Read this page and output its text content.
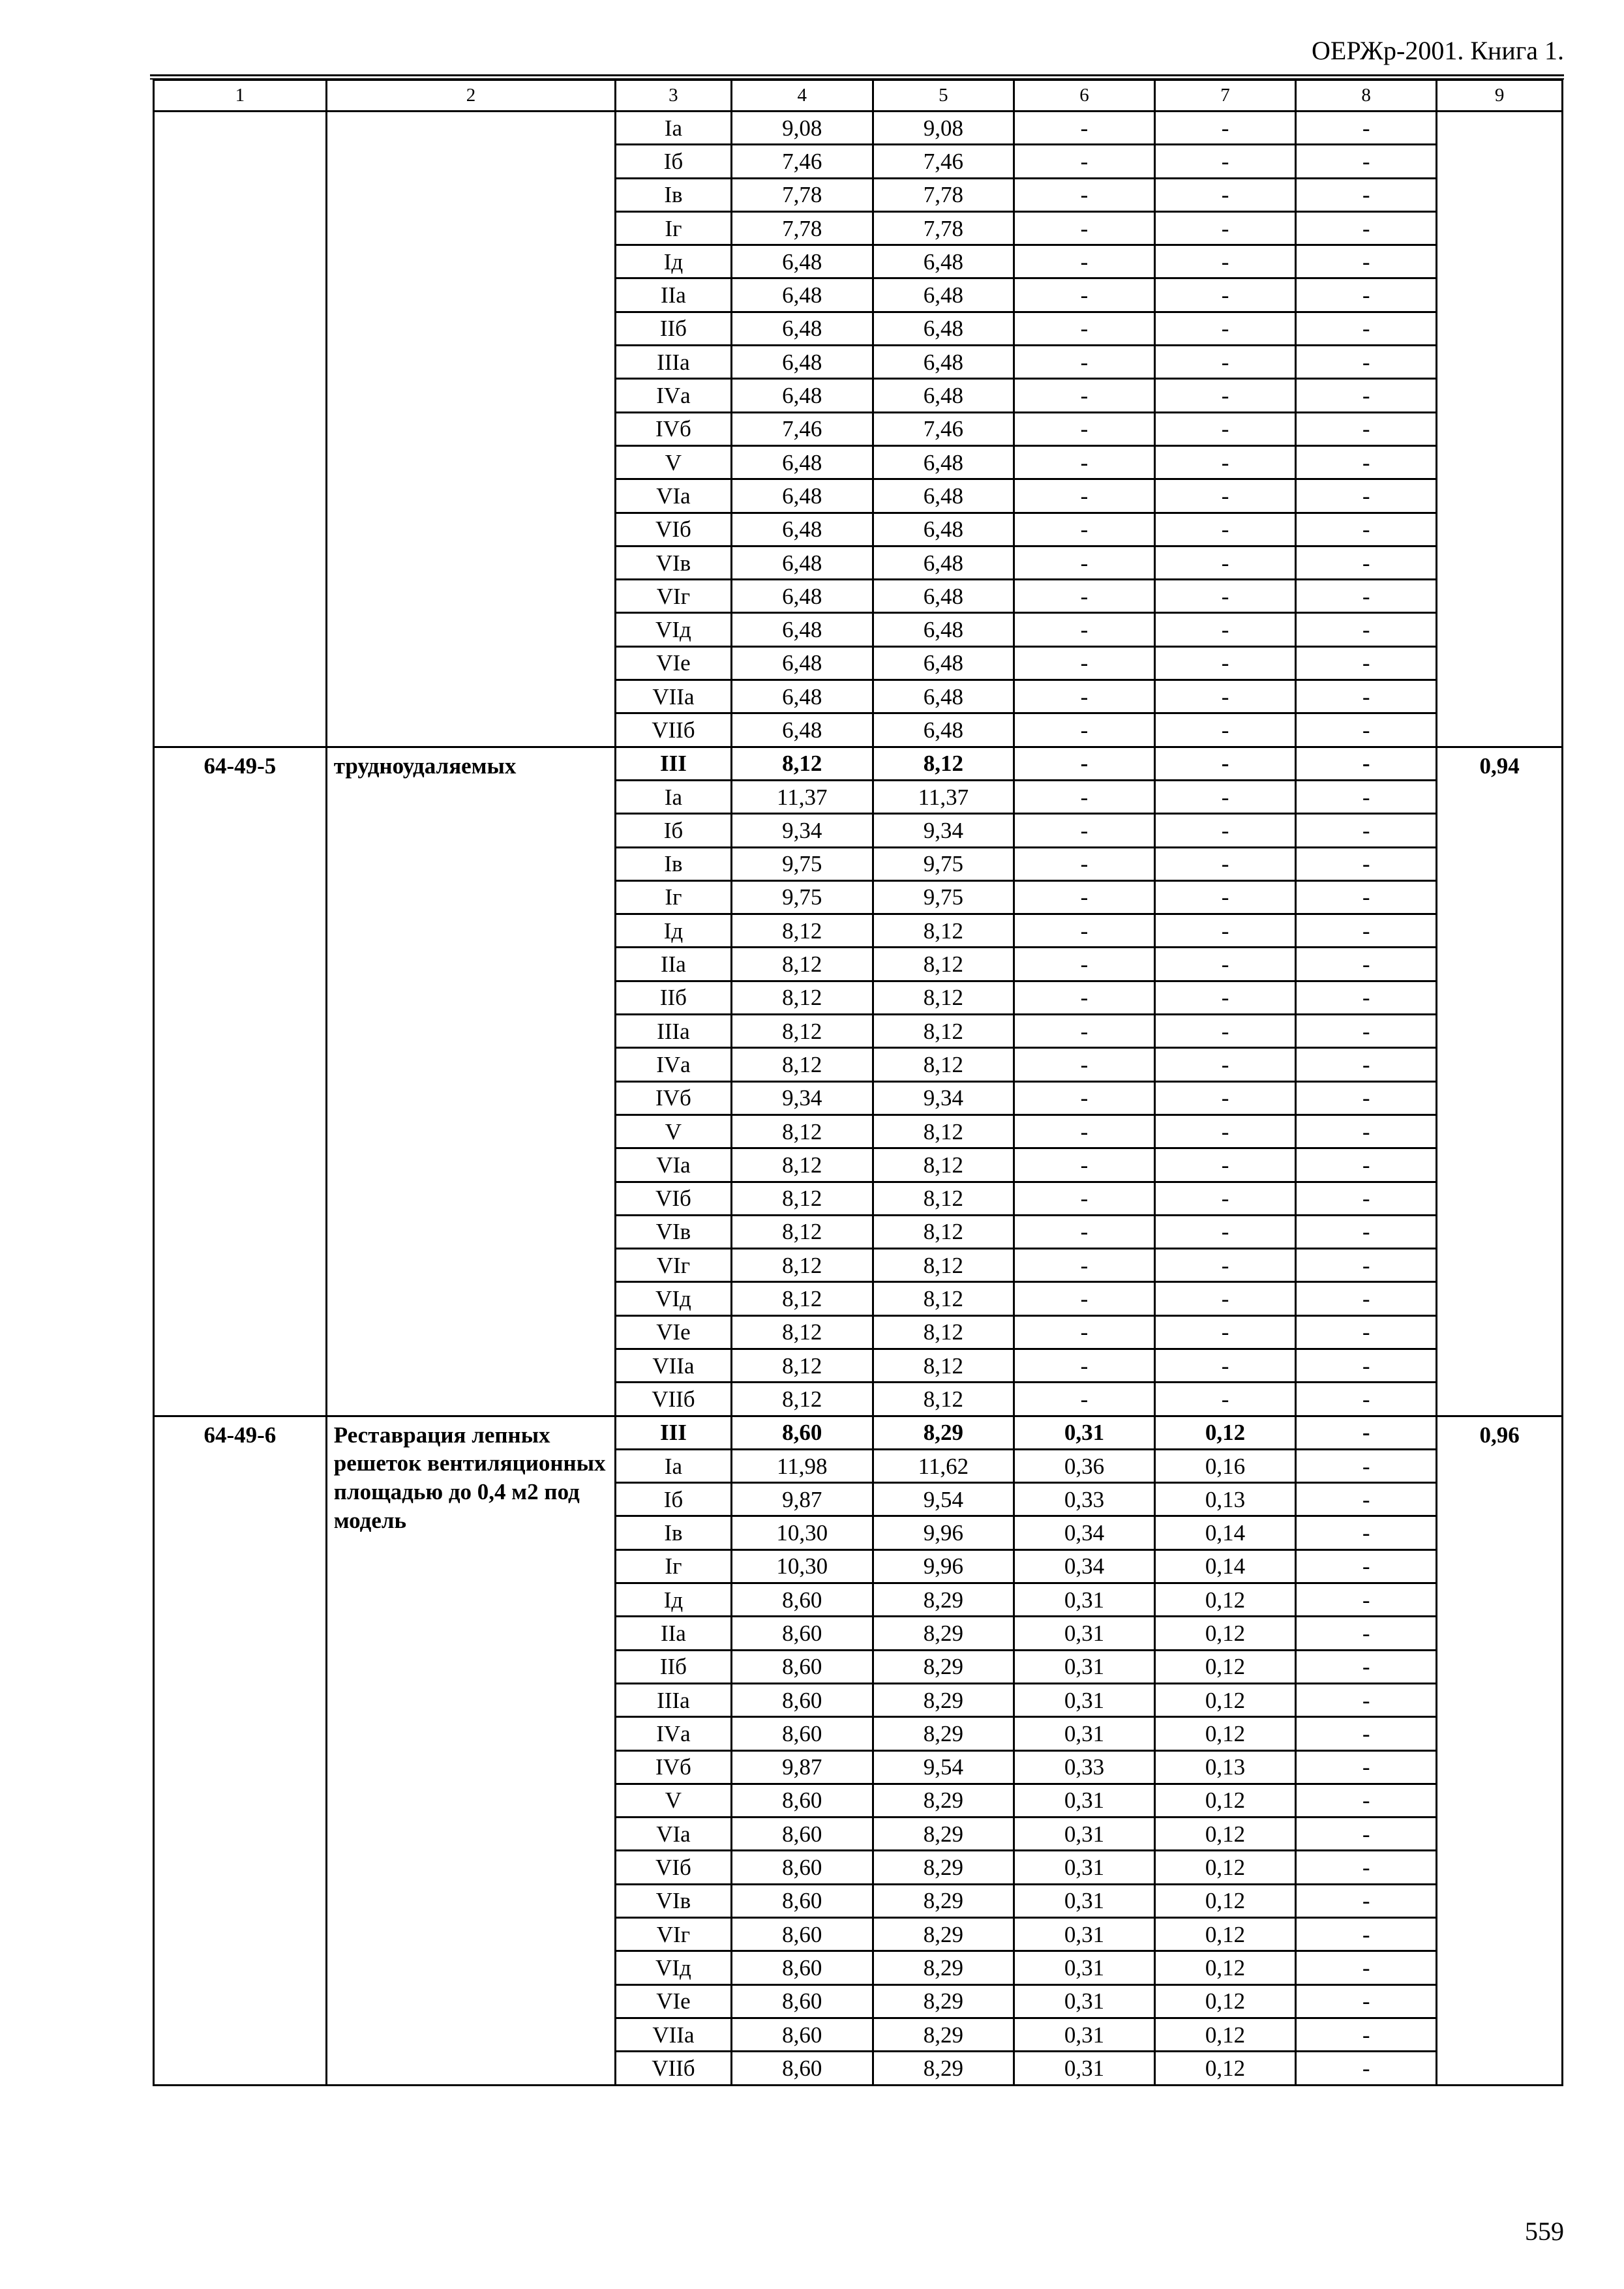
ОЕРЖр-2001. Книга 1.
1	2	3	4	5	6	7	8	9
		Iа	9,08	9,08	-	-	-	
		Iб	7,46	7,46	-	-	-	
		Iв	7,78	7,78	-	-	-	
		Iг	7,78	7,78	-	-	-	
		Iд	6,48	6,48	-	-	-	
		IIа	6,48	6,48	-	-	-	
		IIб	6,48	6,48	-	-	-	
		IIIа	6,48	6,48	-	-	-	
		IVа	6,48	6,48	-	-	-	
		IVб	7,46	7,46	-	-	-	
		V	6,48	6,48	-	-	-	
		VIа	6,48	6,48	-	-	-	
		VIб	6,48	6,48	-	-	-	
		VIв	6,48	6,48	-	-	-	
		VIг	6,48	6,48	-	-	-	
		VIд	6,48	6,48	-	-	-	
		VIе	6,48	6,48	-	-	-	
		VIIа	6,48	6,48	-	-	-	
		VIIб	6,48	6,48	-	-	-	
64-49-5	трудноудаляемых	III	8,12	8,12	-	-	-	0,94
		Iа	11,37	11,37	-	-	-	
		Iб	9,34	9,34	-	-	-	
		Iв	9,75	9,75	-	-	-	
		Iг	9,75	9,75	-	-	-	
		Iд	8,12	8,12	-	-	-	
		IIа	8,12	8,12	-	-	-	
		IIб	8,12	8,12	-	-	-	
		IIIа	8,12	8,12	-	-	-	
		IVа	8,12	8,12	-	-	-	
		IVб	9,34	9,34	-	-	-	
		V	8,12	8,12	-	-	-	
		VIа	8,12	8,12	-	-	-	
		VIб	8,12	8,12	-	-	-	
		VIв	8,12	8,12	-	-	-	
		VIг	8,12	8,12	-	-	-	
		VIд	8,12	8,12	-	-	-	
		VIе	8,12	8,12	-	-	-	
		VIIа	8,12	8,12	-	-	-	
		VIIб	8,12	8,12	-	-	-	
64-49-6	Реставрация лепных решеток вентиляционных площадью до 0,4 м2 под модель	III	8,60	8,29	0,31	0,12	-	0,96
		Iа	11,98	11,62	0,36	0,16	-	
		Iб	9,87	9,54	0,33	0,13	-	
		Iв	10,30	9,96	0,34	0,14	-	
		Iг	10,30	9,96	0,34	0,14	-	
		Iд	8,60	8,29	0,31	0,12	-	
		IIа	8,60	8,29	0,31	0,12	-	
		IIб	8,60	8,29	0,31	0,12	-	
		IIIа	8,60	8,29	0,31	0,12	-	
		IVа	8,60	8,29	0,31	0,12	-	
		IVб	9,87	9,54	0,33	0,13	-	
		V	8,60	8,29	0,31	0,12	-	
		VIа	8,60	8,29	0,31	0,12	-	
		VIб	8,60	8,29	0,31	0,12	-	
		VIв	8,60	8,29	0,31	0,12	-	
		VIг	8,60	8,29	0,31	0,12	-	
		VIд	8,60	8,29	0,31	0,12	-	
		VIе	8,60	8,29	0,31	0,12	-	
		VIIа	8,60	8,29	0,31	0,12	-	
		VIIб	8,60	8,29	0,31	0,12	-	
559
